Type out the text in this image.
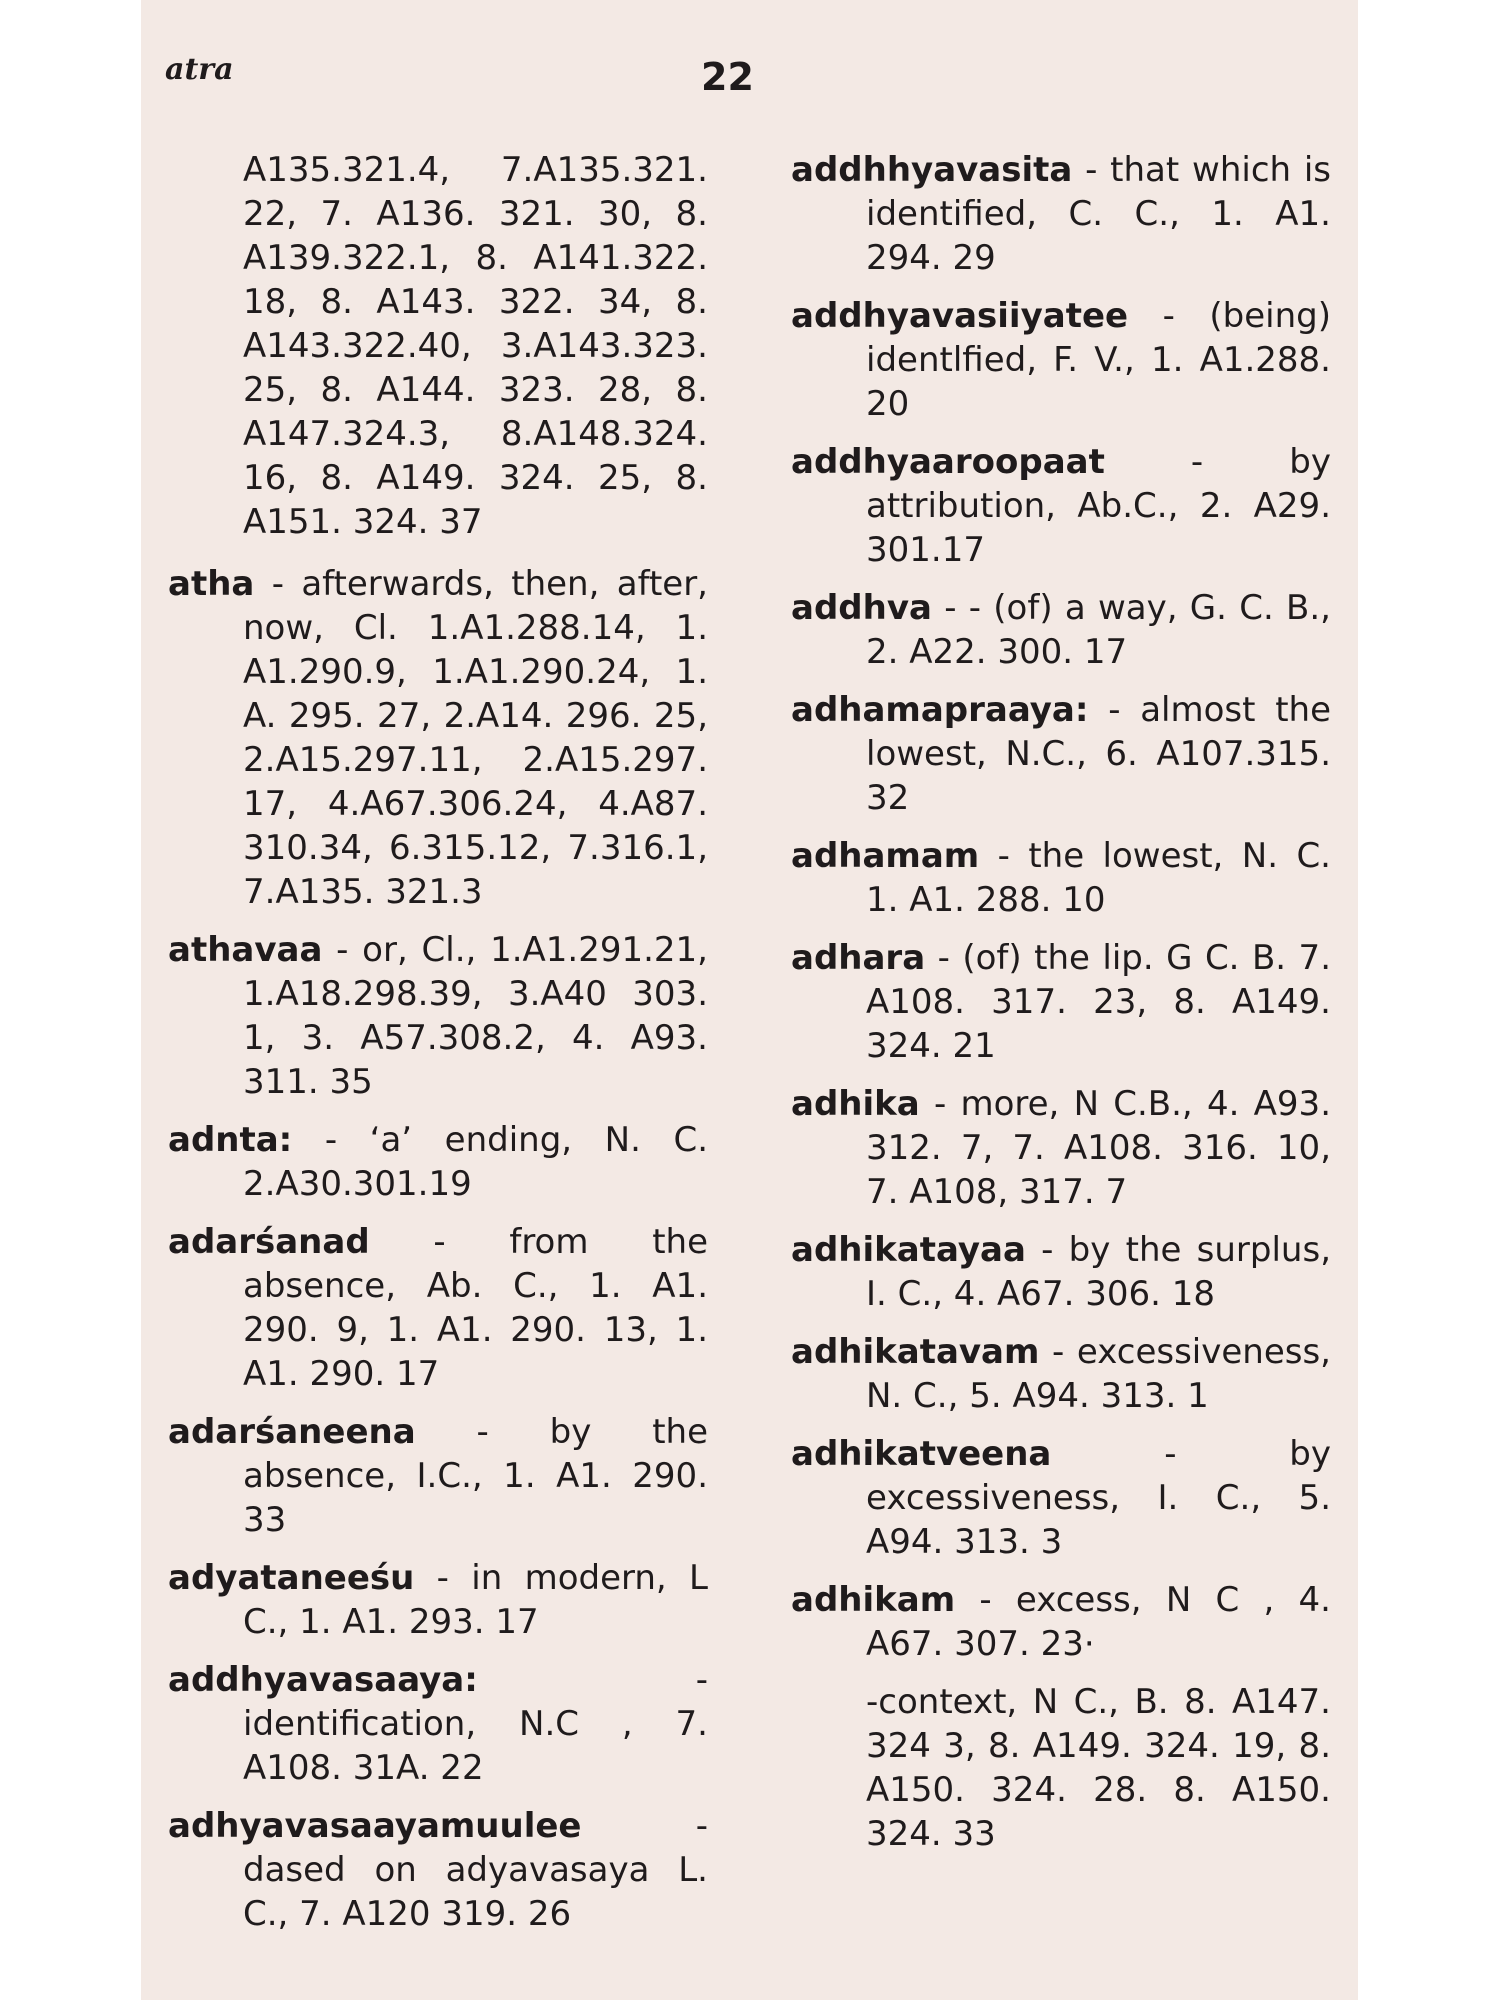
atra	22

A135.321.4, 7.A135.321. 22, 7. A136. 321. 30, 8. A139.322.1, 8. A141.322. 18, 8. A143. 322. 34, 8. A143.322.40, 3.A143.323. 25, 8. A144. 323. 28, 8. A147.324.3, 8.A148.324. 16, 8. A149. 324. 25, 8. A151. 324. 37

atha - afterwards, then, after, now, Cl. 1.A1.288.14, 1. A1.290.9, 1.A1.290.24, 1. A. 295. 27, 2.A14. 296. 25, 2.A15.297.11, 2.A15.297. 17, 4.A67.306.24, 4.A87. 310.34, 6.315.12, 7.316.1, 7.A135. 321.3

athavaa - or, Cl., 1.A1.291.21, 1.A18.298.39, 3.A40 303. 1, 3. A57.308.2, 4. A93. 311. 35

adnta: - ‘a’ ending, N. C. 2.A30.301.19

adarśanad - from the absence, Ab. C., 1. A1. 290. 9, 1. A1. 290. 13, 1. A1. 290. 17

adarśaneena - by the absence, I.C., 1. A1. 290. 33

adyataneeśu - in modern, L C., 1. A1. 293. 17

addhyavasaaya: - identification, N.C , 7. A108. 31A. 22

adhyavasaayamuulee - dased on adyavasaya L. C., 7. A120 319. 26

addhhyavasita - that which is identified, C. C., 1. A1. 294. 29

addhyavasiiyatee - (being) identlfied, F. V., 1. A1.288. 20

addhyaaroopaat - by attribution, Ab.C., 2. A29. 301.17

addhva - - (of) a way, G. C. B., 2. A22. 300. 17

adhamapraaya: - almost the lowest, N.C., 6. A107.315. 32

adhamam - the lowest, N. C. 1. A1. 288. 10

adhara - (of) the lip. G C. B. 7. A108. 317. 23, 8. A149. 324. 21

adhika - more, N C.B., 4. A93. 312. 7, 7. A108. 316. 10, 7. A108, 317. 7

adhikatayaa - by the surplus, I. C., 4. A67. 306. 18

adhikatavam - excessiveness, N. C., 5. A94. 313. 1

adhikatveena - by excessiveness, I. C., 5. A94. 313. 3

adhikam - excess, N C , 4. A67. 307. 23·

-context, N C., B. 8. A147. 324 3, 8. A149. 324. 19, 8. A150. 324. 28. 8. A150. 324. 33
